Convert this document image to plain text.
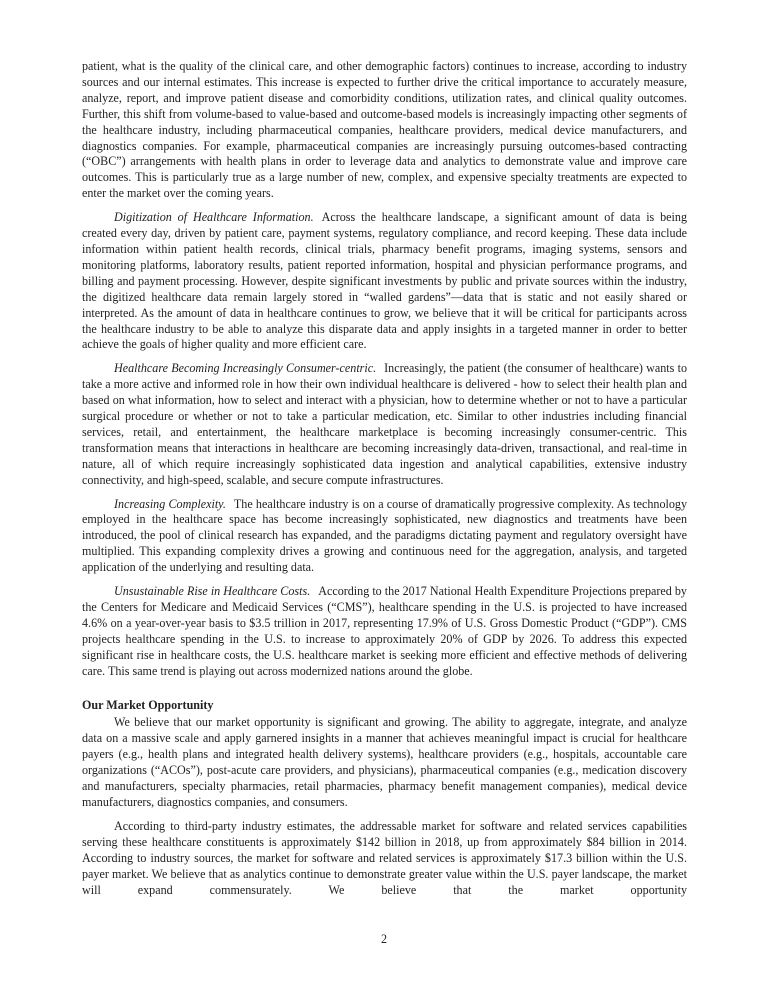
patient, what is the quality of the clinical care, and other demographic factors) continues to increase, according to industry sources and our internal estimates. This increase is expected to further drive the critical importance to accurately measure, analyze, report, and improve patient disease and comorbidity conditions, utilization rates, and clinical quality outcomes. Further, this shift from volume-based to value-based and outcome-based models is increasingly impacting other segments of the healthcare industry, including pharmaceutical companies, healthcare providers, medical device manufacturers, and diagnostics companies. For example, pharmaceutical companies are increasingly pursuing outcomes-based contracting (“OBC”) arrangements with health plans in order to leverage data and analytics to demonstrate value and improve care outcomes. This is particularly true as a large number of new, complex, and expensive specialty treatments are expected to enter the market over the coming years.

Digitization of Healthcare Information. Across the healthcare landscape, a significant amount of data is being created every day, driven by patient care, payment systems, regulatory compliance, and record keeping. These data include information within patient health records, clinical trials, pharmacy benefit programs, imaging systems, sensors and monitoring platforms, laboratory results, patient reported information, hospital and physician performance programs, and billing and payment processing. However, despite significant investments by public and private sources within the industry, the digitized healthcare data remain largely stored in “walled gardens”—data that is static and not easily shared or interpreted. As the amount of data in healthcare continues to grow, we believe that it will be critical for participants across the healthcare industry to be able to analyze this disparate data and apply insights in a targeted manner in order to better achieve the goals of higher quality and more efficient care.

Healthcare Becoming Increasingly Consumer-centric. Increasingly, the patient (the consumer of healthcare) wants to take a more active and informed role in how their own individual healthcare is delivered - how to select their health plan and based on what information, how to select and interact with a physician, how to determine whether or not to have a particular surgical procedure or whether or not to take a particular medication, etc. Similar to other industries including financial services, retail, and entertainment, the healthcare marketplace is becoming increasingly consumer-centric. This transformation means that interactions in healthcare are becoming increasingly data-driven, transactional, and real-time in nature, all of which require increasingly sophisticated data ingestion and analytical capabilities, extensive industry connectivity, and high-speed, scalable, and secure compute infrastructures.

Increasing Complexity. The healthcare industry is on a course of dramatically progressive complexity. As technology employed in the healthcare space has become increasingly sophisticated, new diagnostics and treatments have been introduced, the pool of clinical research has expanded, and the paradigms dictating payment and regulatory oversight have multiplied. This expanding complexity drives a growing and continuous need for the aggregation, analysis, and targeted application of the underlying and resulting data.

Unsustainable Rise in Healthcare Costs. According to the 2017 National Health Expenditure Projections prepared by the Centers for Medicare and Medicaid Services (“CMS”), healthcare spending in the U.S. is projected to have increased 4.6% on a year-over-year basis to $3.5 trillion in 2017, representing 17.9% of U.S. Gross Domestic Product (“GDP”). CMS projects healthcare spending in the U.S. to increase to approximately 20% of GDP by 2026. To address this expected significant rise in healthcare costs, the U.S. healthcare market is seeking more efficient and effective methods of delivering care. This same trend is playing out across modernized nations around the globe.

Our Market Opportunity

We believe that our market opportunity is significant and growing. The ability to aggregate, integrate, and analyze data on a massive scale and apply garnered insights in a manner that achieves meaningful impact is crucial for healthcare payers (e.g., health plans and integrated health delivery systems), healthcare providers (e.g., hospitals, accountable care organizations (“ACOs”), post-acute care providers, and physicians), pharmaceutical companies (e.g., medication discovery and manufacturers, specialty pharmacies, retail pharmacies, pharmacy benefit management companies), medical device manufacturers, diagnostics companies, and consumers.

According to third-party industry estimates, the addressable market for software and related services capabilities serving these healthcare constituents is approximately $142 billion in 2018, up from approximately $84 billion in 2014. According to industry sources, the market for software and related services is approximately $17.3 billion within the U.S. payer market. We believe that as analytics continue to demonstrate greater value within the U.S. payer landscape, the market will expand commensurately. We believe that the market opportunity

2
